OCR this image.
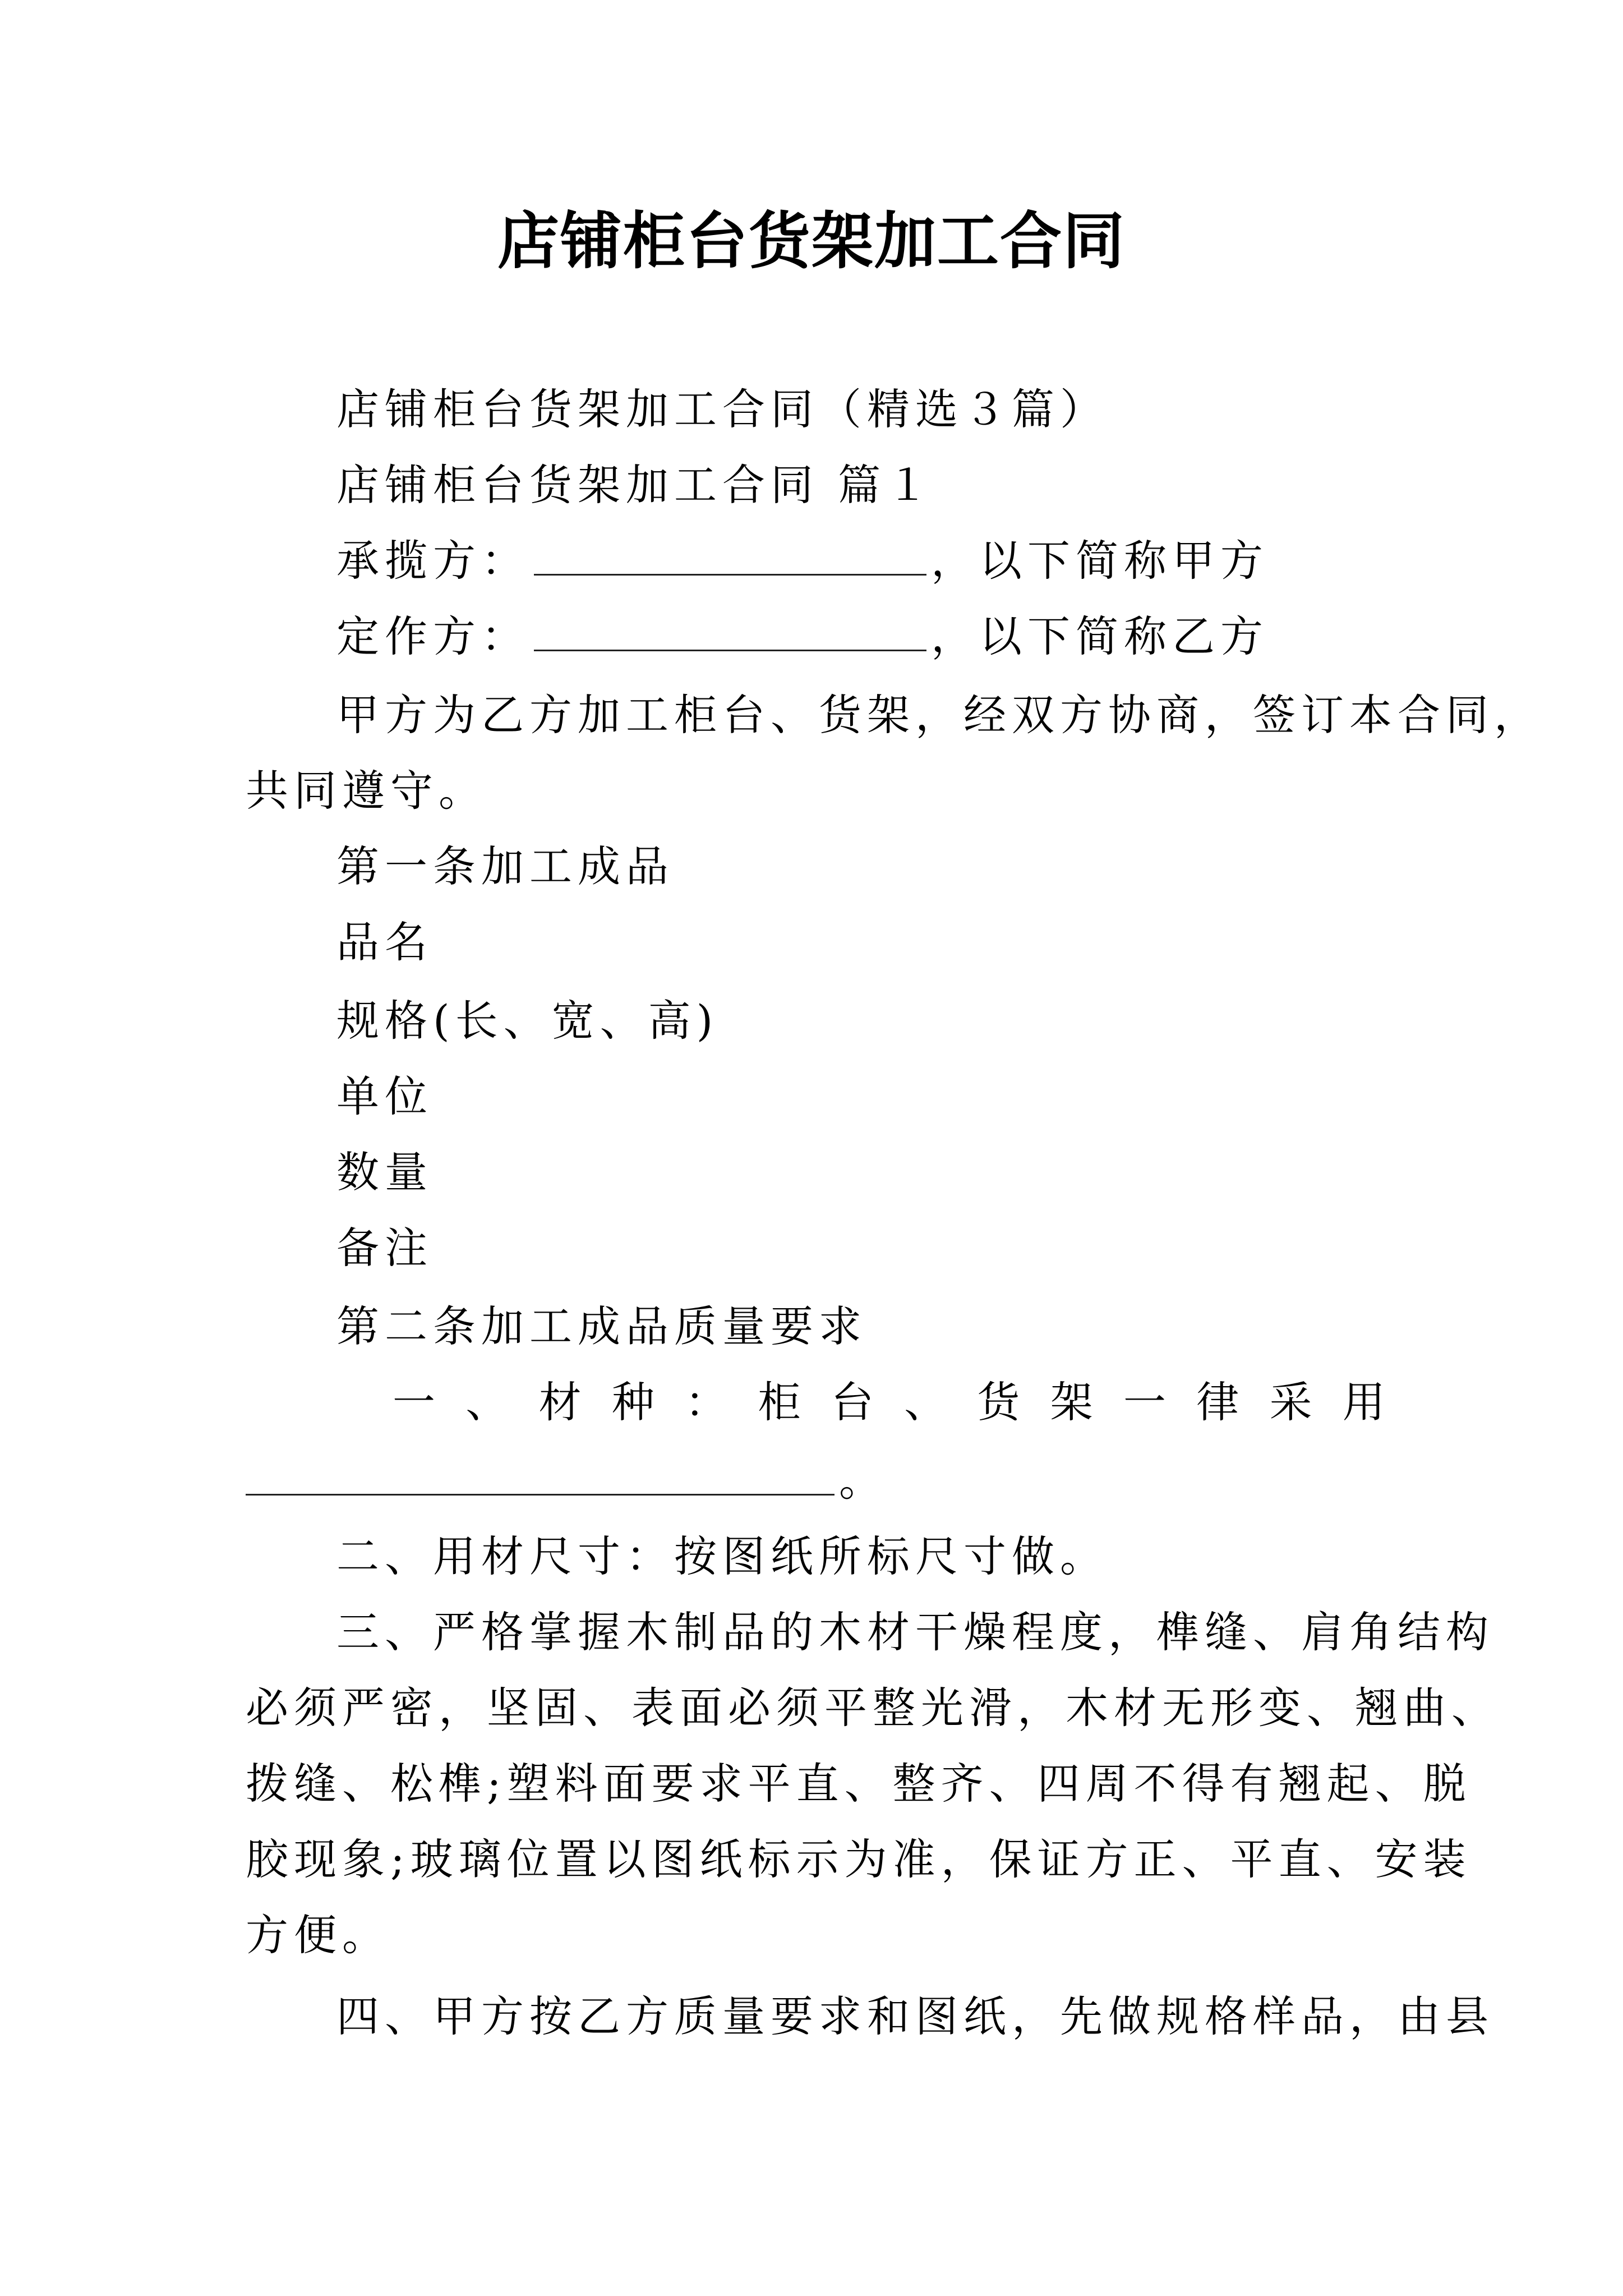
店铺柜台货架加工合同
店铺柜台货架加工合同（精选３篇）
店铺柜台货架加工合同 篇１
承揽方：	，以下简称甲方
定作方：	，以下简称乙方
甲方为乙方加工柜台、货架，经双方协商，签订本合同，
共同遵守。
第一条加工成品
品名
规格(长、宽、高)
单位
数量
备注
第二条加工成品质量要求
一 、 材 种 ： 柜 台 、 货 架 一 律 采 用
。
二、用材尺寸：按图纸所标尺寸做。
三、严格掌握木制品的木材干燥程度，榫缝、肩角结构
必须严密，坚固、表面必须平整光滑，木材无形变、翘曲、
拨缝、松榫;塑料面要求平直、整齐、四周不得有翘起、脱
胶现象;玻璃位置以图纸标示为准，保证方正、平直、安装
方便。
四、甲方按乙方质量要求和图纸，先做规格样品，由县
